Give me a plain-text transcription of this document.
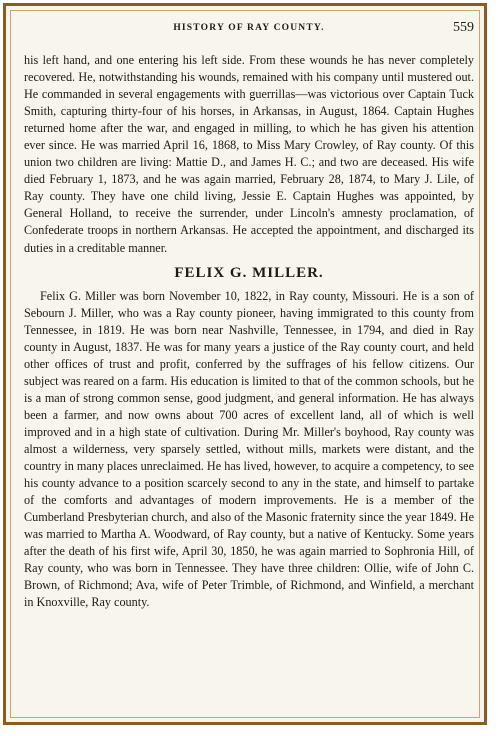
HISTORY OF RAY COUNTY.	559

his left hand, and one entering his left side. From these wounds he has never completely recovered. He, notwithstanding his wounds, remained with his company until mustered out. He commanded in several engagements with guerrillas—was victorious over Captain Tuck Smith, capturing thirty-four of his horses, in Arkansas, in August, 1864. Captain Hughes returned home after the war, and engaged in milling, to which he has given his attention ever since. He was married April 16, 1868, to Miss Mary Crowley, of Ray county. Of this union two children are living: Mattie D., and James H. C.; and two are deceased. His wife died February 1, 1873, and he was again married, February 28, 1874, to Mary J. Lile, of Ray county. They have one child living, Jessie E. Captain Hughes was appointed, by General Holland, to receive the surrender, under Lincoln's amnesty proclamation, of Confederate troops in northern Arkansas. He accepted the appointment, and discharged its duties in a creditable manner.

FELIX G. MILLER.

Felix G. Miller was born November 10, 1822, in Ray county, Missouri. He is a son of Sebourn J. Miller, who was a Ray county pioneer, having immigrated to this county from Tennessee, in 1819. He was born near Nashville, Tennessee, in 1794, and died in Ray county in August, 1837. He was for many years a justice of the Ray county court, and held other offices of trust and profit, conferred by the suffrages of his fellow citizens. Our subject was reared on a farm. His education is limited to that of the common schools, but he is a man of strong common sense, good judgment, and general information. He has always been a farmer, and now owns about 700 acres of excellent land, all of which is well improved and in a high state of cultivation. During Mr. Miller's boyhood, Ray county was almost a wilderness, very sparsely settled, without mills, markets were distant, and the country in many places unreclaimed. He has lived, however, to acquire a competency, to see his county advance to a position scarcely second to any in the state, and himself to partake of the comforts and advantages of modern improvements. He is a member of the Cumberland Presbyterian church, and also of the Masonic fraternity since the year 1849. He was married to Martha A. Woodward, of Ray county, but a native of Kentucky. Some years after the death of his first wife, April 30, 1850, he was again married to Sophronia Hill, of Ray county, who was born in Tennessee. They have three children: Ollie, wife of John C. Brown, of Richmond; Ava, wife of Peter Trimble, of Richmond, and Winfield, a merchant in Knoxville, Ray county.
